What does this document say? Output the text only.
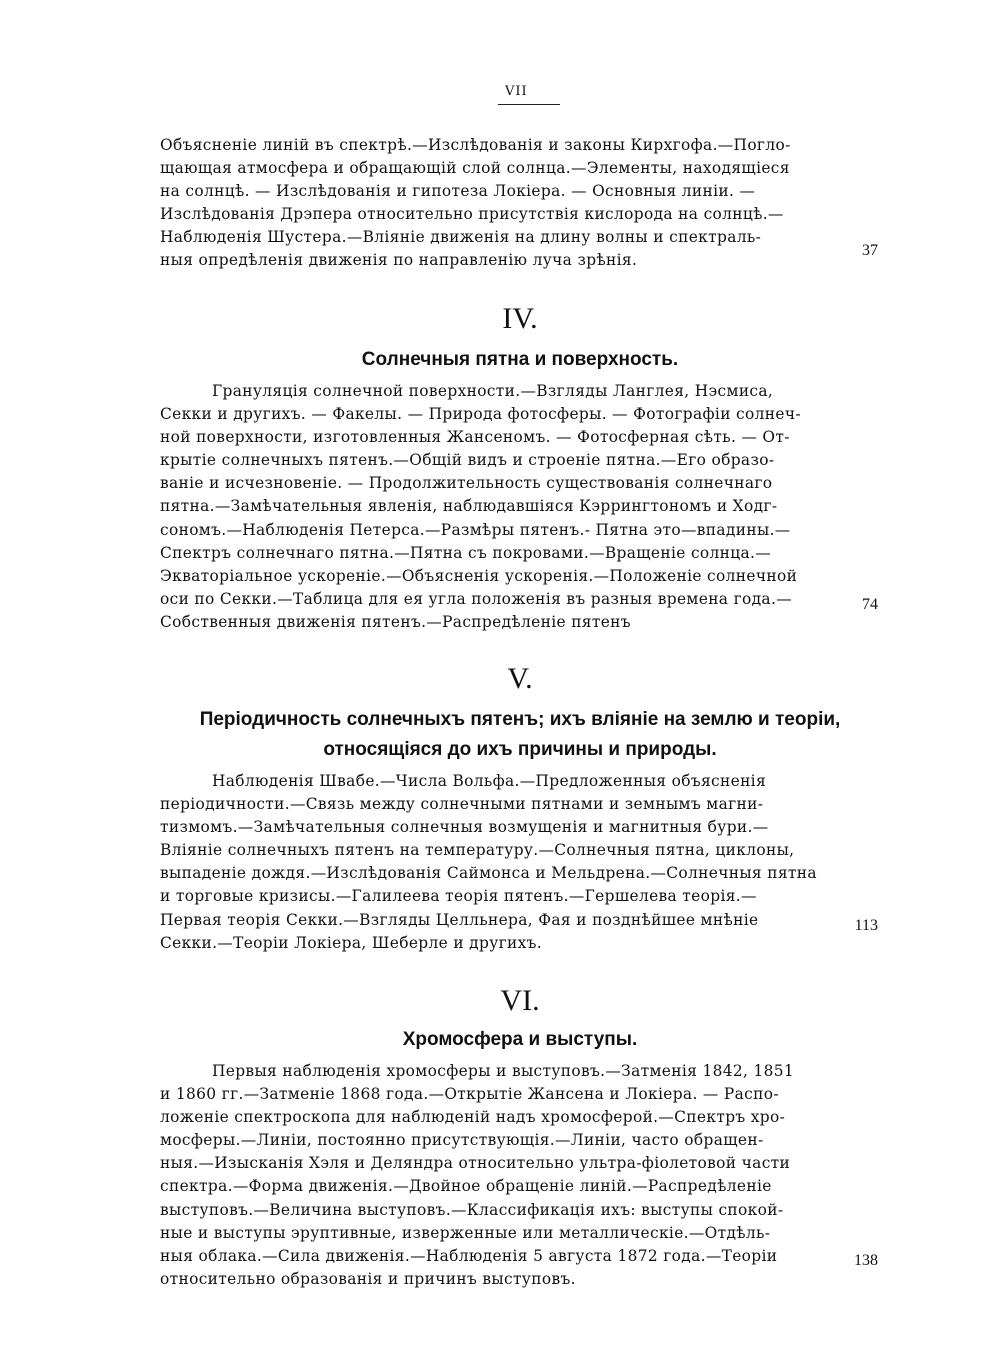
VII
Объясненіе линій въ спектрѣ.—Изслѣдованія и законы Кирхгофа.—Погло-
щающая атмосфера и обращающій слой солнца.—Элементы, находящіеся
на солнцѣ. — Изслѣдованія и гипотеза Локіера. — Основныя линіи. —
Изслѣдованія Дрэпера относительно присутствія кислорода на солнцѣ.—
Наблюденія Шустера.—Вліяніе движенія на длину волны и спектраль-
ныя опредѣленія движенія по направленію луча зрѣнія.
37
IV.
Солнечныя пятна и поверхность.
Грануляція солнечной поверхности.—Взгляды Ланглея, Нэсмиса,
Секки и другихъ. — Факелы. — Природа фотосферы. — Фотографіи солнеч-
ной поверхности, изготовленныя Жансеномъ. — Фотосферная сѣть. — От-
крытіе солнечныхъ пятенъ.—Общій видъ и строеніе пятна.—Его образо-
ваніе и исчезновеніе. — Продолжительность существованія солнечнаго
пятна.—Замѣчательныя явленія, наблюдавшіяся Кэррингтономъ и Ходг-
сономъ.—Наблюденія Петерса.—Размѣры пятенъ.- Пятна это—впадины.—
Спектръ солнечнаго пятна.—Пятна съ покровами.—Вращеніе солнца.—
Экваторіальное ускореніе.—Объясненія ускоренія.—Положеніе солнечной
оси по Секки.—Таблица для ея угла положенія въ разныя времена года.—
Собственныя движенія пятенъ.—Распредѣленіе пятенъ
74
V.
Періодичность солнечныхъ пятенъ; ихъ вліяніе на землю и теоріи,
относящіяся до ихъ причины и природы.
Наблюденія Швабе.—Числа Вольфа.—Предложенныя объясненія
періодичности.—Связь между солнечными пятнами и земнымъ магни-
тизмомъ.—Замѣчательныя солнечныя возмущенія и магнитныя бури.—
Вліяніе солнечныхъ пятенъ на температуру.—Солнечныя пятна, циклоны,
выпаденіе дождя.—Изслѣдованія Саймонса и Мельдрена.—Солнечныя пятна
и торговые кризисы.—Галилеева теорія пятенъ.—Гершелева теорія.—
Первая теорія Секки.—Взгляды Целльнера, Фая и позднѣйшее мнѣніе
Секки.—Теоріи Локіера, Шеберле и другихъ.
113
VI.
Хромосфера и выступы.
Первыя наблюденія хромосферы и выступовъ.—Затменія 1842, 1851
и 1860 гг.—Затменіе 1868 года.—Открытіе Жансена и Локіера. — Распо-
ложеніе спектроскопа для наблюденій надъ хромосферой.—Спектръ хро-
мосферы.—Линіи, постоянно присутствующія.—Линіи, часто обращен-
ныя.—Изысканія Хэля и Деляндра относительно ультра-фіолетовой части
спектра.—Форма движенія.—Двойное обращеніе линій.—Распредѣленіе
выступовъ.—Величина выступовъ.—Классификація ихъ: выступы спокой-
ные и выступы эруптивные, изверженные или металлическіе.—Отдѣль-
ныя облака.—Сила движенія.—Наблюденія 5 августа 1872 года.—Теоріи
относительно образованія и причинъ выступовъ.
138
